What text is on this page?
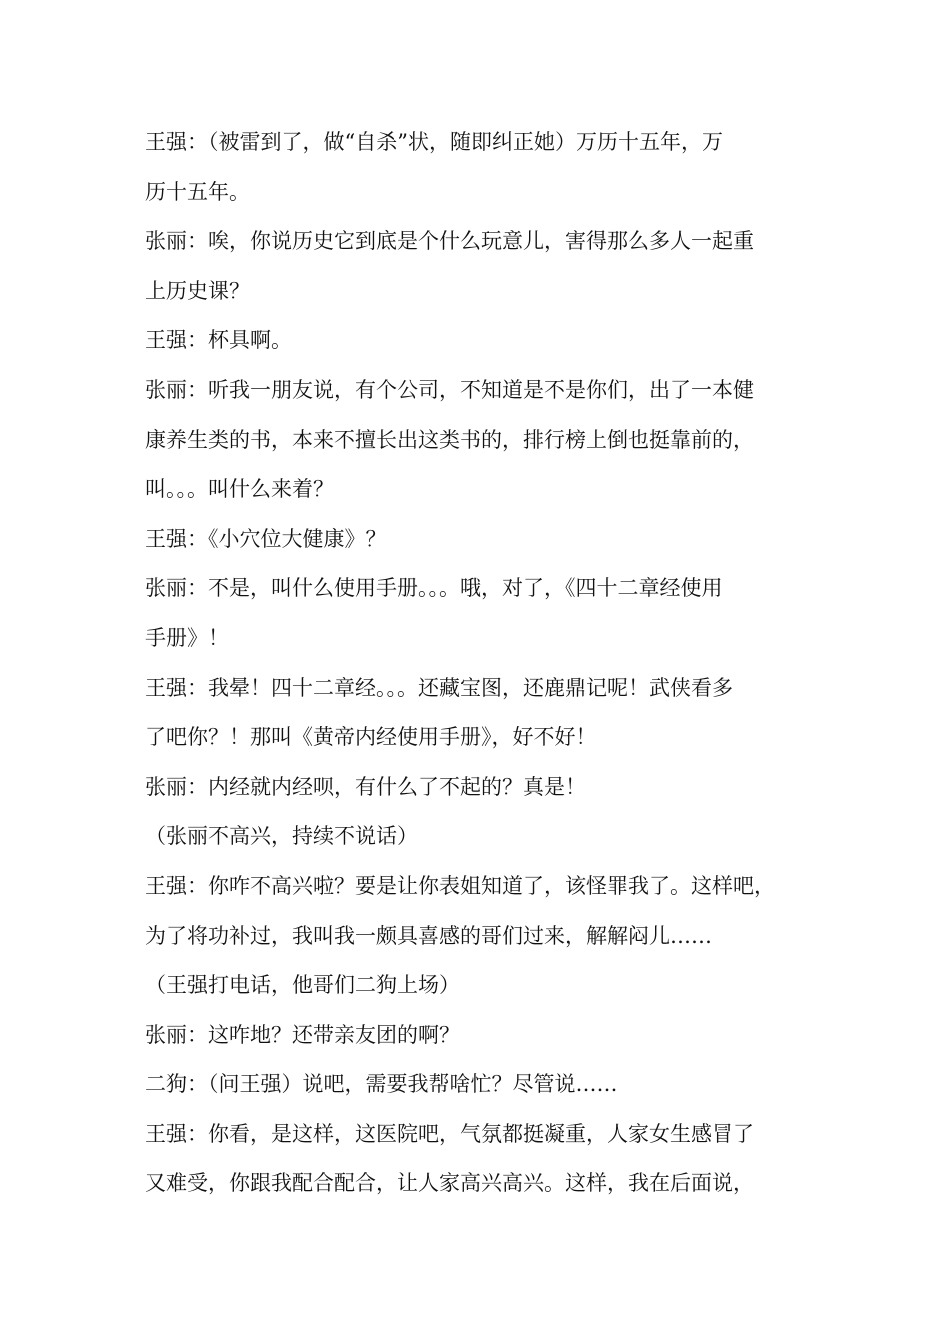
王强：（被雷到了，做“自杀”状，随即纠正她）万历十五年，万
历十五年。
张丽：唉，你说历史它到底是个什么玩意儿，害得那么多人一起重
上历史课？
王强：杯具啊。
张丽：听我一朋友说，有个公司，不知道是不是你们，出了一本健
康养生类的书，本来不擅长出这类书的，排行榜上倒也挺靠前的，
叫。。。叫什么来着？
王强：《小穴位大健康》？
张丽：不是，叫什么使用手册。。。哦，对了，《四十二章经使用
手册》！
王强：我晕！四十二章经。。。还藏宝图，还鹿鼎记呢！武侠看多
了吧你？！那叫《黄帝内经使用手册》，好不好！
张丽：内经就内经呗，有什么了不起的？真是！
（张丽不高兴，持续不说话）
王强：你咋不高兴啦？要是让你表姐知道了，该怪罪我了。这样吧，
为了将功补过，我叫我一颇具喜感的哥们过来，解解闷儿……
（王强打电话，他哥们二狗上场）
张丽：这咋地？还带亲友团的啊？
二狗：（问王强）说吧，需要我帮啥忙？尽管说……
王强：你看，是这样，这医院吧，气氛都挺凝重，人家女生感冒了
又难受，你跟我配合配合，让人家高兴高兴。这样，我在后面说，
